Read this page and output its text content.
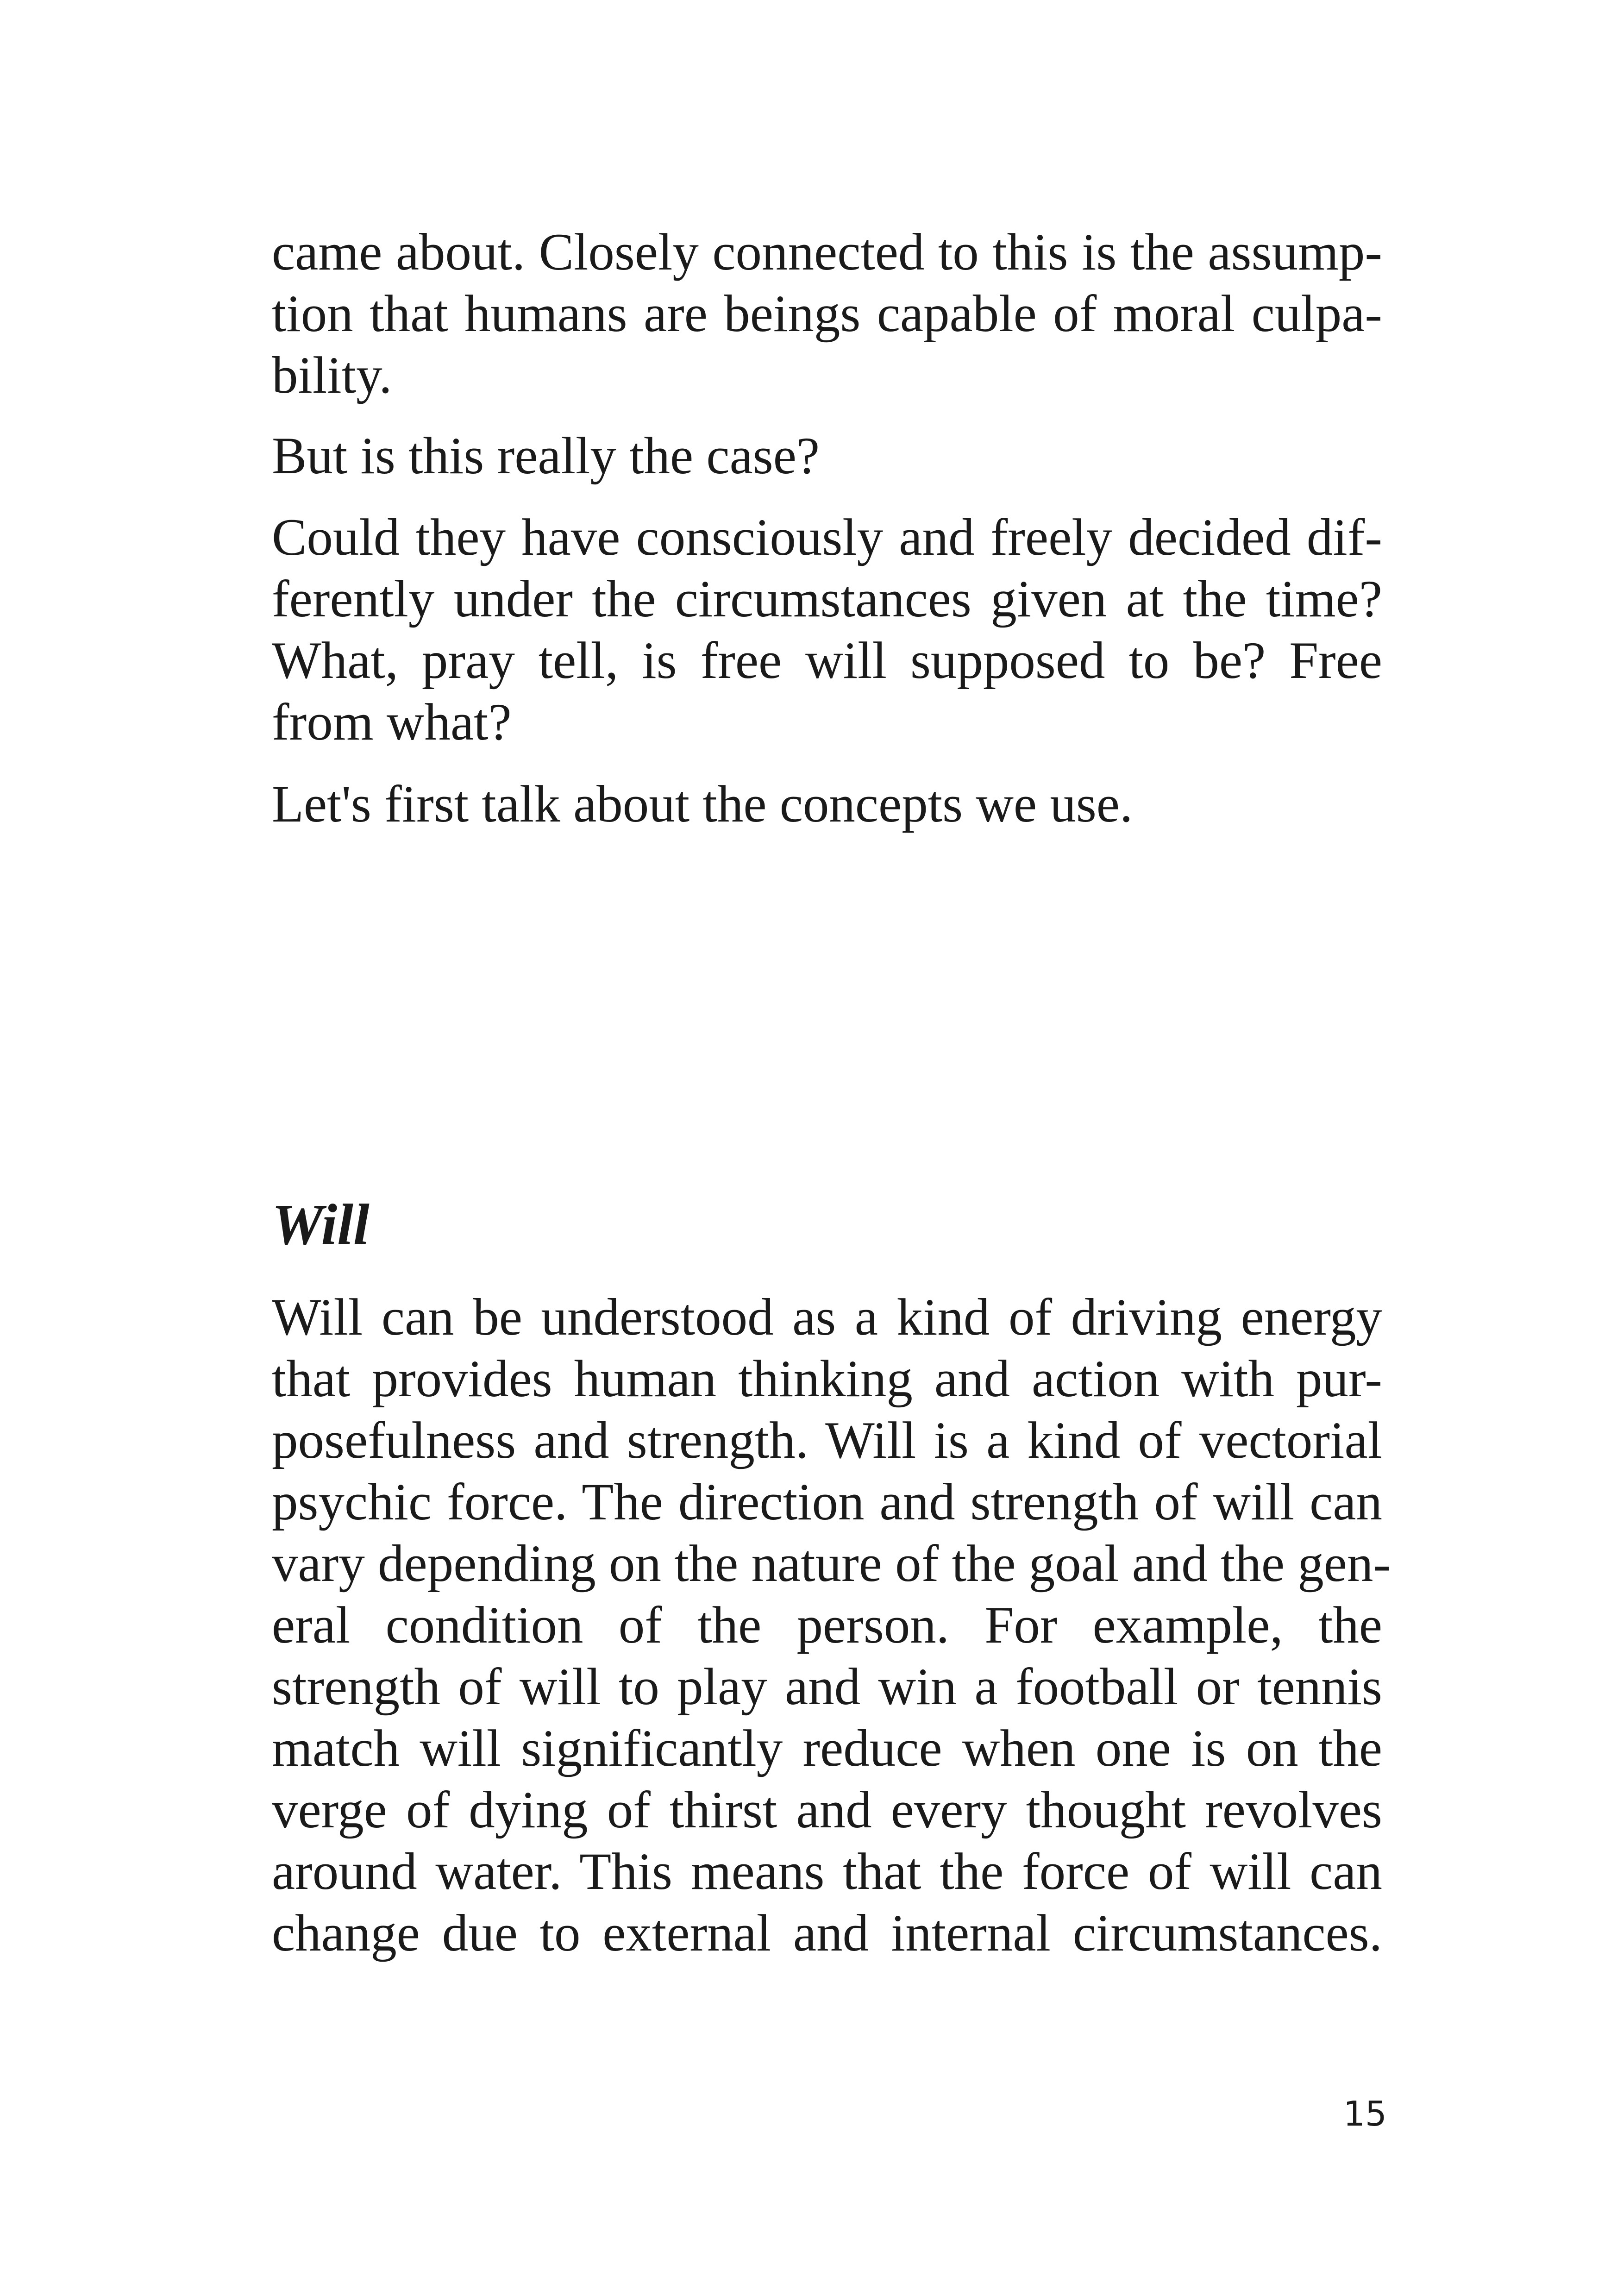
came about. Closely connected to this is the assump-
tion that humans are beings capable of moral culpa-
bility.
But is this really the case?
Could they have consciously and freely decided dif-
ferently under the circumstances given at the time?
What, pray tell, is free will supposed to be? Free
from what?
Let's first talk about the concepts we use.
Will
Will can be understood as a kind of driving energy
that provides human thinking and action with pur-
posefulness and strength. Will is a kind of vectorial
psychic force. The direction and strength of will can
vary depending on the nature of the goal and the gen-
eral condition of the person. For example, the
strength of will to play and win a football or tennis
match will significantly reduce when one is on the
verge of dying of thirst and every thought revolves
around water. This means that the force of will can
change due to external and internal circumstances.
15
